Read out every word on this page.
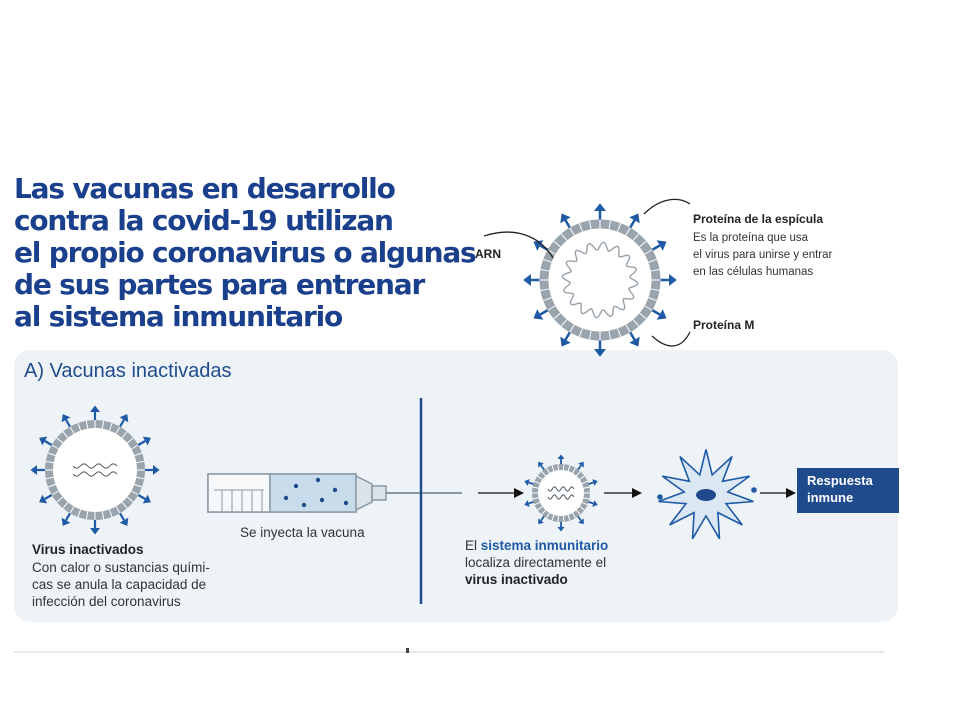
Las vacunas en desarrollo
contra la covid-19 utilizan
el propio coronavirus o algunas
de sus partes para entrenar
al sistema inmunitario
A) Vacunas inactivadas
ARN
Proteína de la espícula
Es la proteína que usa
el virus para unirse y entrar
en las células humanas
Proteína M
Virus inactivados
Con calor o sustancias quími-
cas se anula la capacidad de
infección del coronavirus
Se inyecta la vacuna
El sistema inmunitario
localiza directamente el
virus inactivado
Respuesta
inmune
